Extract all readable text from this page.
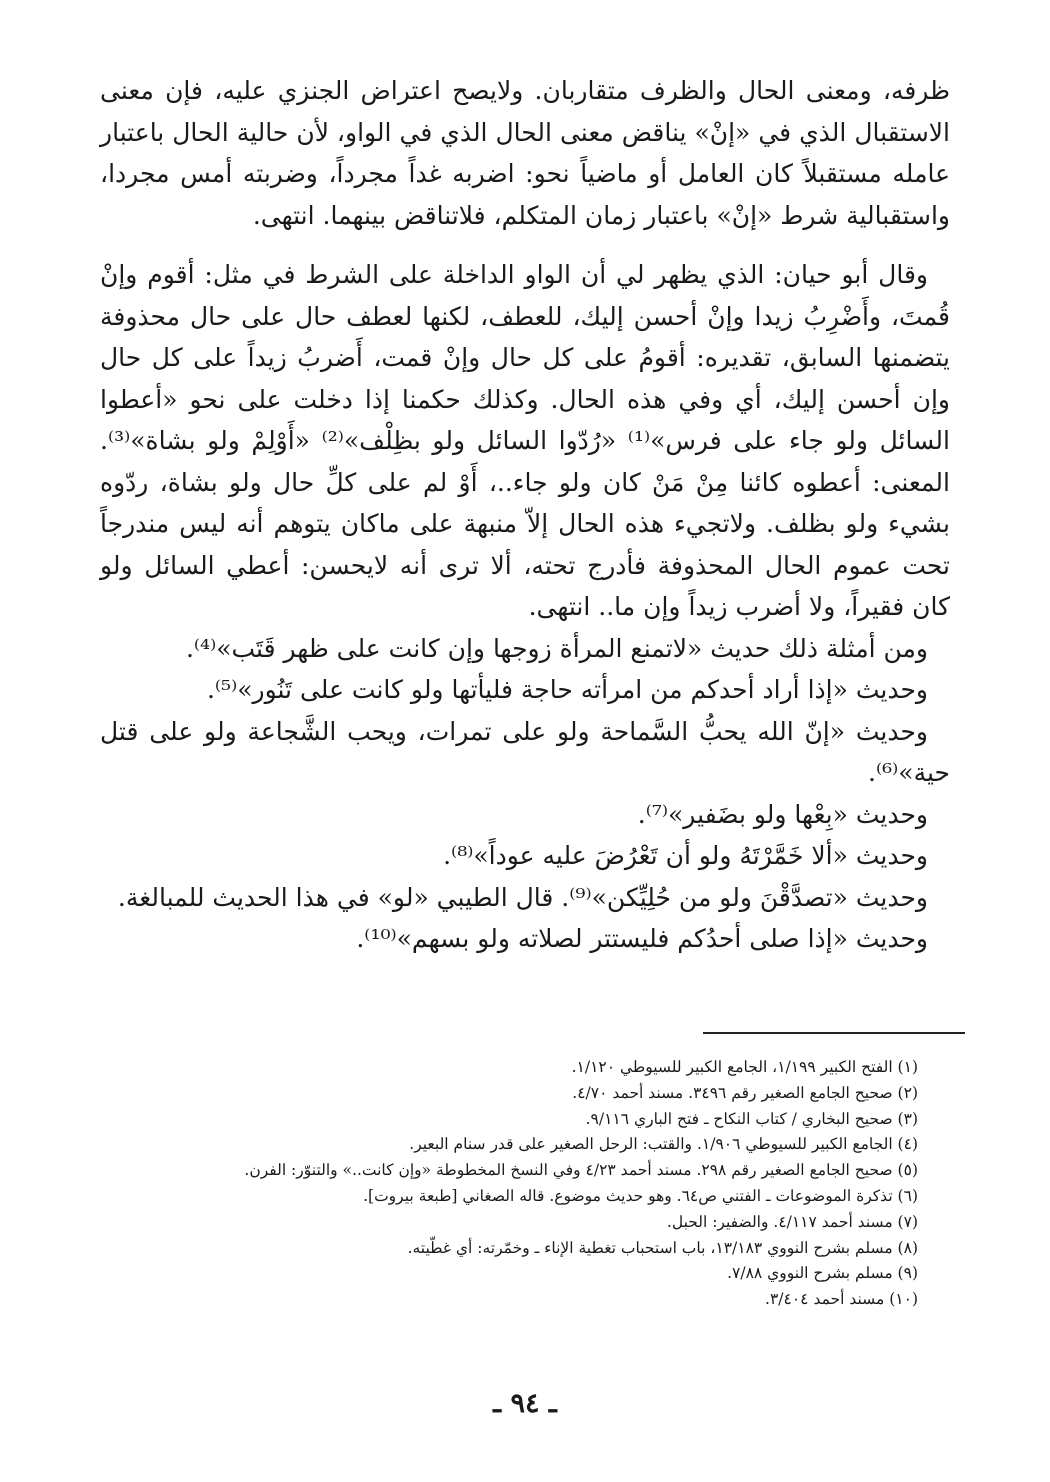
ظرفه، ومعنى الحال والظرف متقاربان. ولايصح اعتراض الجنزي عليه، فإن معنى الاستقبال الذي في «إنْ» يناقض معنى الحال الذي في الواو، لأن حالية الحال باعتبار عامله مستقبلاً كان العامل أو ماضياً نحو: اضربه غداً مجرداً، وضربته أمس مجردا، واستقبالية شرط «إنْ» باعتبار زمان المتكلم، فلاتناقض بينهما. انتهى.

وقال أبو حيان: الذي يظهر لي أن الواو الداخلة على الشرط في مثل: أقوم وإنْ قُمتَ، وأَضْرِبُ زيدا وإنْ أحسن إليك، للعطف، لكنها لعطف حال على حال محذوفة يتضمنها السابق، تقديره: أقومُ على كل حال وإنْ قمت، أَضربُ زيداً على كل حال وإن أحسن إليك، أي وفي هذه الحال. وكذلك حكمنا إذا دخلت على نحو «أعطوا السائل ولو جاء على فرس»⁽¹⁾ «رُدّوا السائل ولو بظِلْف»⁽²⁾ «أَوْلِمْ ولو بشاة»⁽³⁾. المعنى: أعطوه كائنا مِنْ مَنْ كان ولو جاء..، أَوْ لم على كلِّ حال ولو بشاة، ردّوه بشيء ولو بظلف. ولاتجيء هذه الحال إلاّ منبهة على ماكان يتوهم أنه ليس مندرجاً تحت عموم الحال المحذوفة فأدرج تحته، ألا ترى أنه لايحسن: أعطي السائل ولو كان فقيراً، ولا أضرب زيداً وإن ما.. انتهى.

ومن أمثلة ذلك حديث «لاتمنع المرأة زوجها وإن كانت على ظهر قَتَب»⁽⁴⁾.

وحديث «إذا أراد أحدكم من امرأته حاجة فليأتها ولو كانت على تَنُور»⁽⁵⁾.

وحديث «إنّ الله يحبُّ السَّماحة ولو على تمرات، ويحب الشَّجاعة ولو على قتل حية»⁽⁶⁾.

وحديث «بِعْها ولو بضَفير»⁽⁷⁾.

وحديث «ألا خَمَّرْتَهُ ولو أن تَعْرُضَ عليه عوداً»⁽⁸⁾.

وحديث «تصدَّقْنَ ولو من حُلِيِّكن»⁽⁹⁾. قال الطيبي «لو» في هذا الحديث للمبالغة.

وحديث «إذا صلى أحدُكم فليستتر لصلاته ولو بسهم»⁽¹⁰⁾.

(١) الفتح الكبير ١/١٩٩، الجامع الكبير للسيوطي ١/١٢٠.
(٢) صحيح الجامع الصغير رقم ٣٤٩٦. مسند أحمد ٤/٧٠.
(٣) صحيح البخاري / كتاب النكاح ـ فتح الباري ٩/١١٦.
(٤) الجامع الكبير للسيوطي ١/٩٠٦. والقتب: الرحل الصغير على قدر سنام البعير.
(٥) صحيح الجامع الصغير رقم ٢٩٨. مسند أحمد ٤/٢٣ وفي النسخ المخطوطة «وإن كانت..» والتنوّر: الفرن.
(٦) تذكرة الموضوعات ـ الفتني ص٦٤. وهو حديث موضوع. قاله الصغاني [طبعة بيروت].
(٧) مسند أحمد ٤/١١٧. والضفير: الحبل.
(٨) مسلم بشرح النووي ١٣/١٨٣، باب استحباب تغطية الإناء ـ وخمّرته: أي غطّيته.
(٩) مسلم بشرح النووي ٧/٨٨.
(١٠) مسند أحمد ٣/٤٠٤.
ـ ٩٤ ـ
